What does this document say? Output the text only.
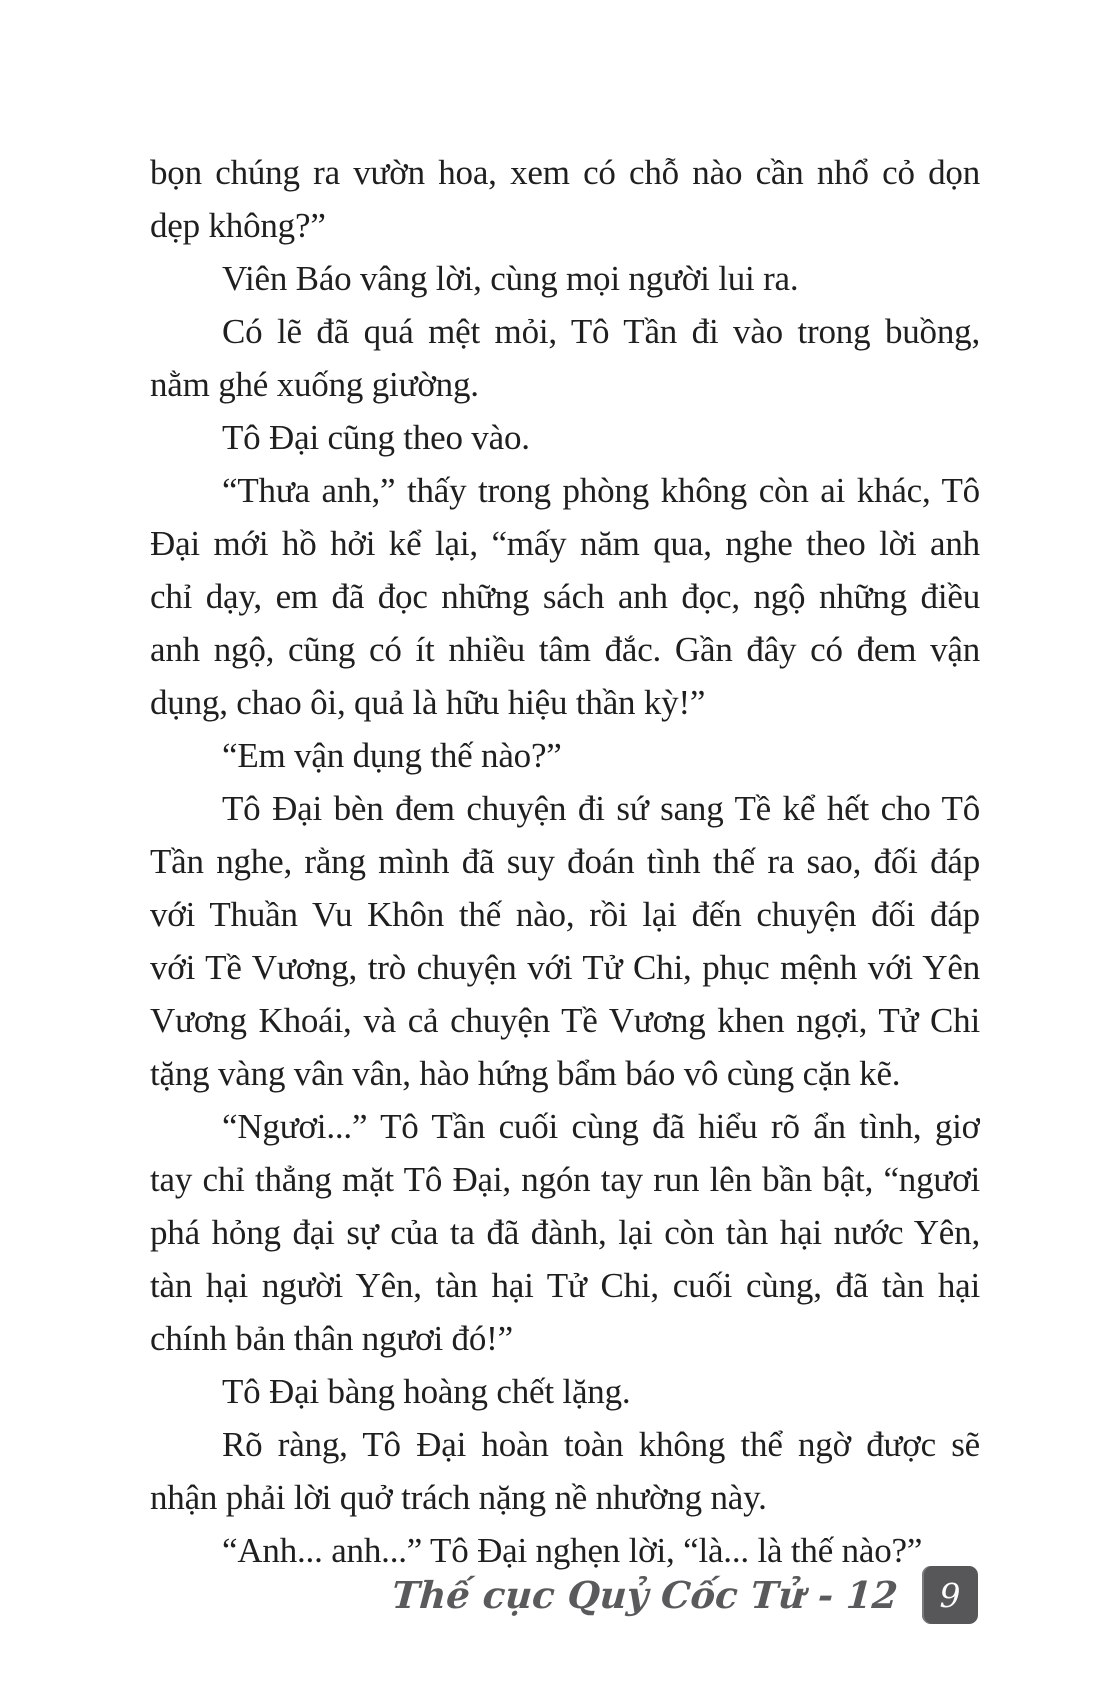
bọn chúng ra vườn hoa, xem có chỗ nào cần nhổ cỏ dọn
dẹp không?”
Viên Báo vâng lời, cùng mọi người lui ra.
Có lẽ đã quá mệt mỏi, Tô Tần đi vào trong buồng,
nằm ghé xuống giường.
Tô Đại cũng theo vào.
“Thưa anh,” thấy trong phòng không còn ai khác, Tô
Đại mới hồ hởi kể lại, “mấy năm qua, nghe theo lời anh
chỉ dạy, em đã đọc những sách anh đọc, ngộ những điều
anh ngộ, cũng có ít nhiều tâm đắc. Gần đây có đem vận
dụng, chao ôi, quả là hữu hiệu thần kỳ!”
“Em vận dụng thế nào?”
Tô Đại bèn đem chuyện đi sứ sang Tề kể hết cho Tô
Tần nghe, rằng mình đã suy đoán tình thế ra sao, đối đáp
với Thuần Vu Khôn thế nào, rồi lại đến chuyện đối đáp
với Tề Vương, trò chuyện với Tử Chi, phục mệnh với Yên
Vương Khoái, và cả chuyện Tề Vương khen ngợi, Tử Chi
tặng vàng vân vân, hào hứng bẩm báo vô cùng cặn kẽ.
“Ngươi...” Tô Tần cuối cùng đã hiểu rõ ẩn tình, giơ
tay chỉ thẳng mặt Tô Đại, ngón tay run lên bần bật, “ngươi
phá hỏng đại sự của ta đã đành, lại còn tàn hại nước Yên,
tàn hại người Yên, tàn hại Tử Chi, cuối cùng, đã tàn hại
chính bản thân ngươi đó!”
Tô Đại bàng hoàng chết lặng.
Rõ ràng, Tô Đại hoàn toàn không thể ngờ được sẽ
nhận phải lời quở trách nặng nề nhường này.
“Anh... anh...” Tô Đại nghẹn lời, “là... là thế nào?”
Thế cục Quỷ Cốc Tử - 12 9
